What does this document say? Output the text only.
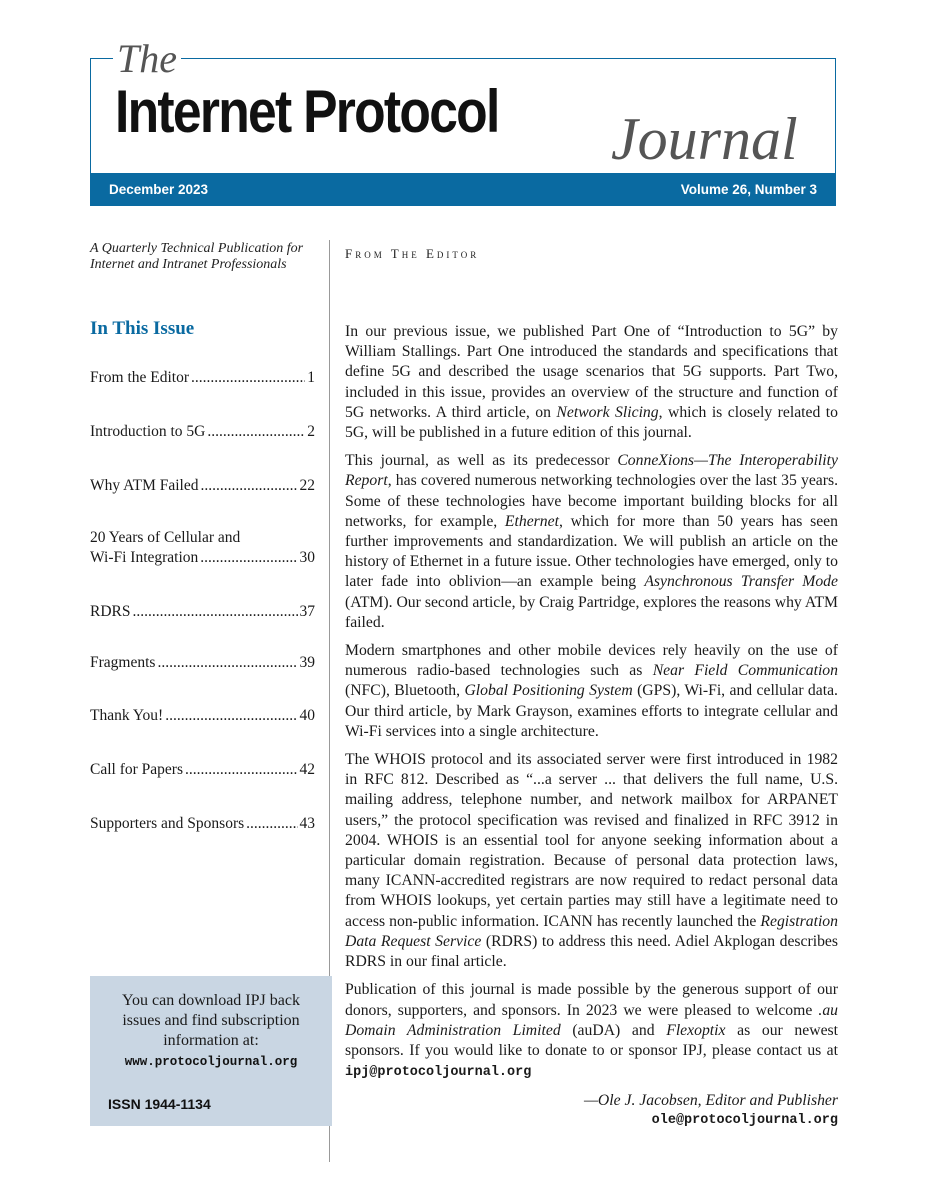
The
Internet Protocol Journal
December 2023	Volume 26, Number 3
A Quarterly Technical Publication for Internet and Intranet Professionals
In This Issue
From the Editor .....	1
Introduction to 5G .....	2
Why ATM Failed .....	22
20 Years of Cellular and
Wi-Fi Integration .....	30
RDRS .....	37
Fragments .....	39
Thank You! .....	40
Call for Papers .....	42
Supporters and Sponsors .....	43
You can download IPJ back issues and find subscription information at:
www.protocoljournal.org
ISSN 1944-1134
From The Editor

In our previous issue, we published Part One of “Introduction to 5G” by William Stallings. Part One introduced the standards and specifications that define 5G and described the usage scenarios that 5G supports. Part Two, included in this issue, provides an overview of the structure and function of 5G networks. A third article, on Network Slicing, which is closely related to 5G, will be published in a future edition of this journal.

This journal, as well as its predecessor ConneXions—The Interoperability Report, has covered numerous networking technologies over the last 35 years. Some of these technologies have become important building blocks for all networks, for example, Ethernet, which for more than 50 years has seen further improvements and standardization. We will publish an article on the history of Ethernet in a future issue. Other technologies have emerged, only to later fade into oblivion—an example being Asynchronous Transfer Mode (ATM). Our second article, by Craig Partridge, explores the reasons why ATM failed.

Modern smartphones and other mobile devices rely heavily on the use of numerous radio-based technologies such as Near Field Communication (NFC), Bluetooth, Global Positioning System (GPS), Wi-Fi, and cellular data. Our third article, by Mark Grayson, examines efforts to integrate cellular and Wi-Fi services into a single architecture.

The WHOIS protocol and its associated server were first introduced in 1982 in RFC 812. Described as “...a server ... that delivers the full name, U.S. mailing address, telephone number, and network mailbox for ARPANET users,” the protocol specification was revised and finalized in RFC 3912 in 2004. WHOIS is an essential tool for anyone seeking information about a particular domain registration. Because of personal data protection laws, many ICANN-accredited registrars are now required to redact personal data from WHOIS lookups, yet certain parties may still have a legitimate need to access non-public information. ICANN has recently launched the Registration Data Request Service (RDRS) to address this need. Adiel Akplogan describes RDRS in our final article.

Publication of this journal is made possible by the generous support of our donors, supporters, and sponsors. In 2023 we were pleased to welcome .au Domain Administration Limited (auDA) and Flexoptix as our newest sponsors. If you would like to donate to or sponsor IPJ, please contact us at ipj@protocoljournal.org

—Ole J. Jacobsen, Editor and Publisher
ole@protocoljournal.org
